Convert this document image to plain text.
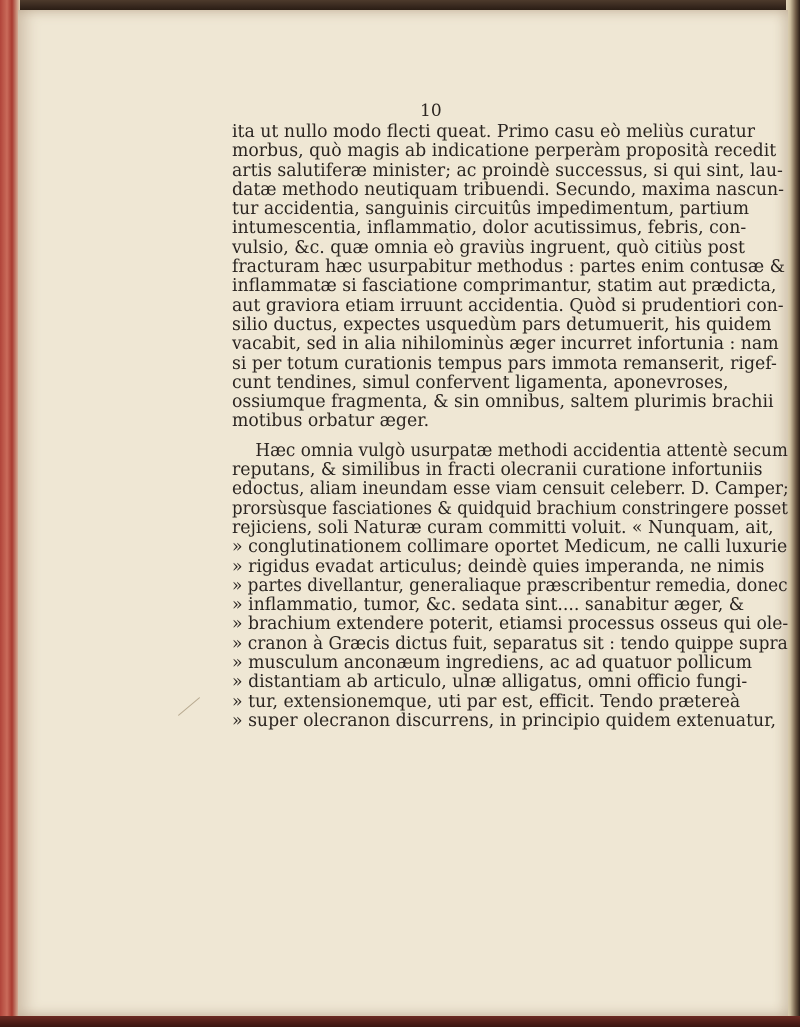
10
ita ut nullo modo flecti queat. Primo casu eò meliùs curatur
morbus, quò magis ab indicatione perperàm proposità recedit
artis salutiferæ minister; ac proindè successus, si qui sint, lau-
datæ methodo neutiquam tribuendi. Secundo, maxima nascun-
tur accidentia, sanguinis circuitûs impedimentum, partium
intumescentia, inflammatio, dolor acutissimus, febris, con-
vulsio, &c. quæ omnia eò graviùs ingruent, quò citiùs post
fracturam hæc usurpabitur methodus : partes enim contusæ &
inflammatæ si fasciatione comprimantur, statim aut prædicta,
aut graviora etiam irruunt accidentia. Quòd si prudentiori con-
silio ductus, expectes usquedùm pars detumuerit, his quidem
vacabit, sed in alia nihilominùs æger incurret infortunia : nam
si per totum curationis tempus pars immota remanserit, rigef-
cunt tendines, simul confervent ligamenta, aponevroses,
ossiumque fragmenta, & sin omnibus, saltem plurimis brachii
motibus orbatur æger.
Hæc omnia vulgò usurpatæ methodi accidentia attentè secum
reputans, & similibus in fracti olecranii curatione infortuniis
edoctus, aliam ineundam esse viam censuit celeberr. D. Camper;
prorsùsque fasciationes & quidquid brachium constringere posset
rejiciens, soli Naturæ curam committi voluit. « Nunquam, ait,
» conglutinationem collimare oportet Medicum, ne calli luxurie
» rigidus evadat articulus; deindè quies imperanda, ne nimis
» partes divellantur, generaliaque præscribentur remedia, donec
» inflammatio, tumor, &c. sedata sint.... sanabitur æger, &
» brachium extendere poterit, etiamsi processus osseus qui ole-
» cranon à Græcis dictus fuit, separatus sit : tendo quippe supra
» musculum anconæum ingrediens, ac ad quatuor pollicum
» distantiam ab articulo, ulnæ alligatus, omni officio fungi-
» tur, extensionemque, uti par est, efficit. Tendo prætereà
» super olecranon discurrens, in principio quidem extenuatur,
